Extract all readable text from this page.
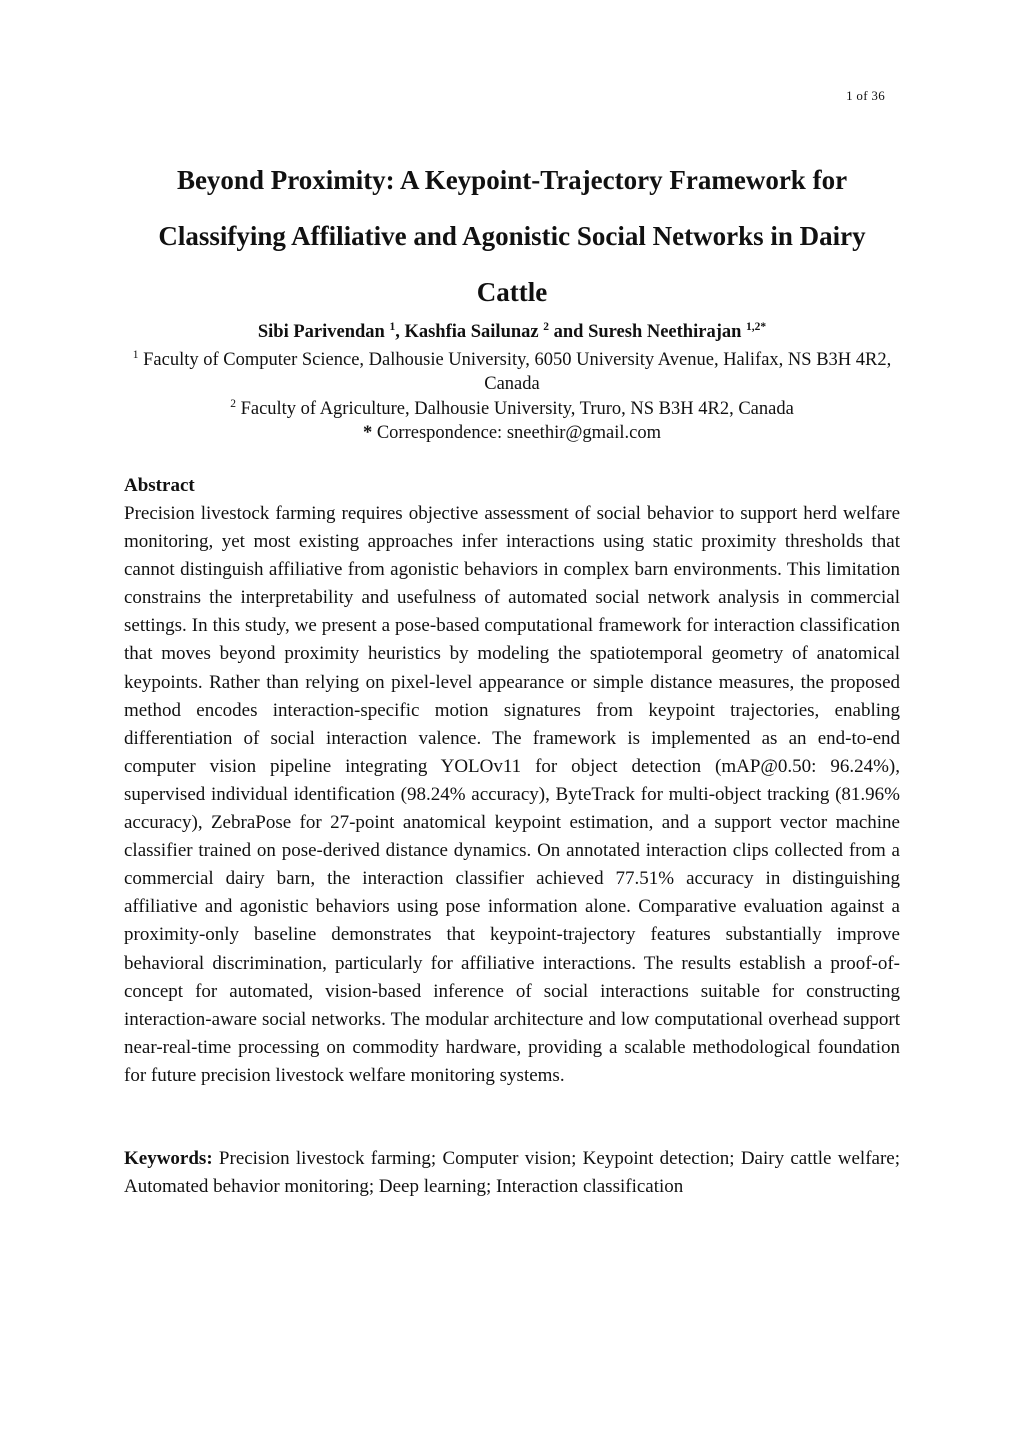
1 of 36
Beyond Proximity: A Keypoint-Trajectory Framework for Classifying Affiliative and Agonistic Social Networks in Dairy Cattle

Sibi Parivendan $^1$, Kashfia Sailunaz $^2$ and Suresh Neethirajan $^{1,2*}$

$^1$ Faculty of Computer Science, Dalhousie University, 6050 University Avenue, Halifax, NS B3H 4R2, Canada

$^2$ Faculty of Agriculture, Dalhousie University, Truro, NS B3H 4R2, Canada

* Correspondence: sneethir@gmail.com

Abstract

Precision livestock farming requires objective assessment of social behavior to support herd welfare monitoring, yet most existing approaches infer interactions using static proximity thresholds that cannot distinguish affiliative from agonistic behaviors in complex barn environments. This limitation constrains the interpretability and usefulness of automated social network analysis in commercial settings. In this study, we present a pose-based computational framework for interaction classification that moves beyond proximity heuristics by modeling the spatiotemporal geometry of anatomical keypoints. Rather than relying on pixel-level appearance or simple distance measures, the proposed method encodes interaction-specific motion signatures from keypoint trajectories, enabling differentiation of social interaction valence. The framework is implemented as an end-to-end computer vision pipeline integrating YOLOv11 for object detection (mAP@0.50: 96.24%), supervised individual identification (98.24% accuracy), ByteTrack for multi-object tracking (81.96% accuracy), ZebraPose for 27-point anatomical keypoint estimation, and a support vector machine classifier trained on pose-derived distance dynamics. On annotated interaction clips collected from a commercial dairy barn, the interaction classifier achieved 77.51% accuracy in distinguishing affiliative and agonistic behaviors using pose information alone. Comparative evaluation against a proximity-only baseline demonstrates that keypoint-trajectory features substantially improve behavioral discrimination, particularly for affiliative interactions. The results establish a proof-of-concept for automated, vision-based inference of social interactions suitable for constructing interaction-aware social networks. The modular architecture and low computational overhead support near-real-time processing on commodity hardware, providing a scalable methodological foundation for future precision livestock welfare monitoring systems.

Keywords: Precision livestock farming; Computer vision; Keypoint detection; Dairy cattle welfare; Automated behavior monitoring; Deep learning; Interaction classification
